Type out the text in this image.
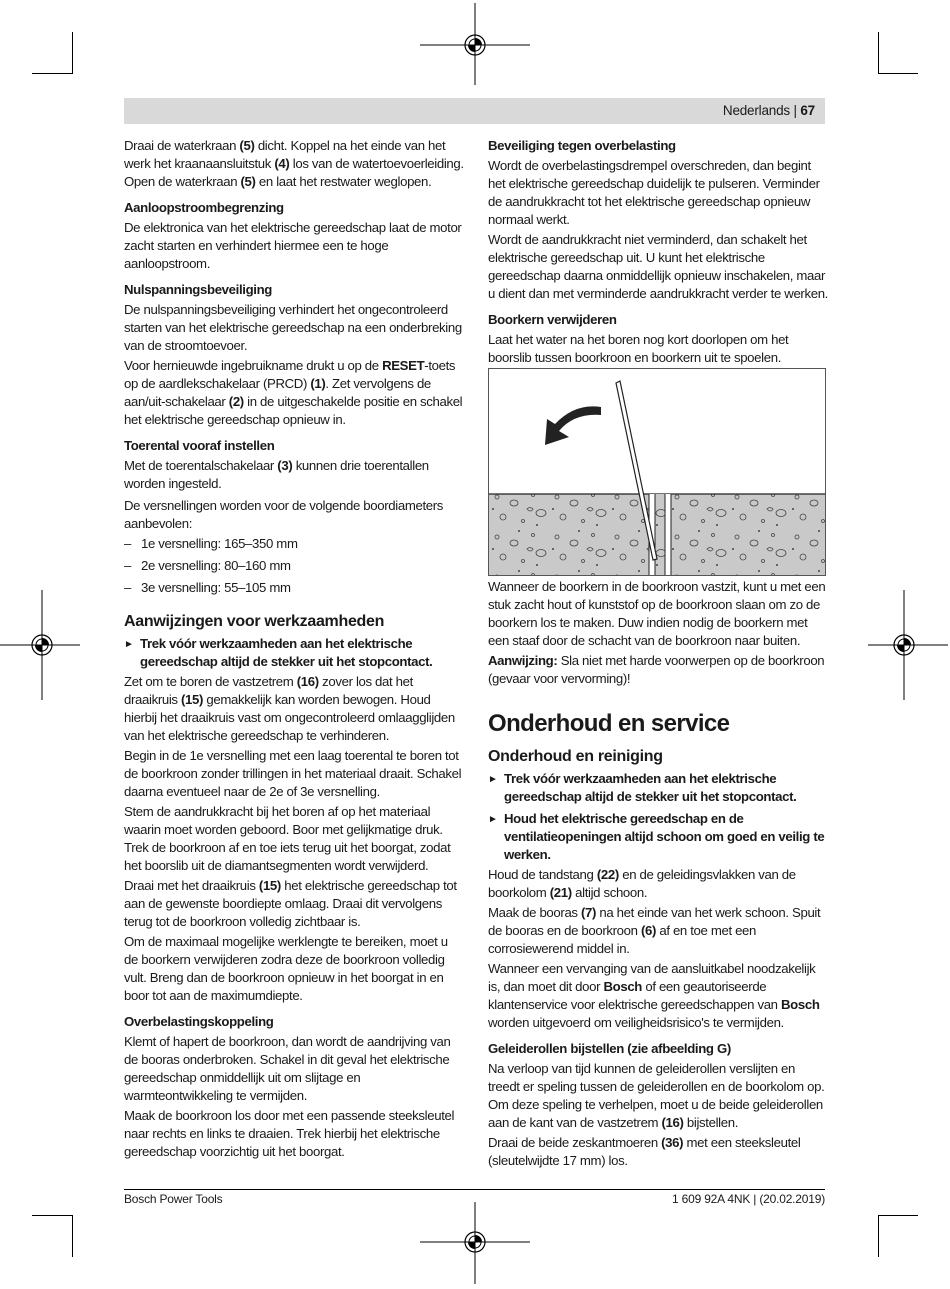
Nederlands | 67

Draai de waterkraan (5) dicht. Koppel na het einde van het werk het kraanaansluitstuk (4) los van de watertoevoerleiding. Open de waterkraan (5) en laat het restwater weglopen.

Aanloopstroombegrenzing

De elektronica van het elektrische gereedschap laat de motor zacht starten en verhindert hiermee een te hoge aanloopstroom.

Nulspanningsbeveiliging

De nulspanningsbeveiliging verhindert het ongecontroleerd starten van het elektrische gereedschap na een onderbreking van de stroomtoevoer.

Voor hernieuwde ingebruikname drukt u op de RESET-toets op de aardlekschakelaar (PRCD) (1). Zet vervolgens de aan/uit-schakelaar (2) in de uitgeschakelde positie en schakel het elektrische gereedschap opnieuw in.

Toerental vooraf instellen

Met de toerentalschakelaar (3) kunnen drie toerentallen worden ingesteld.

De versnellingen worden voor de volgende boordiameters aanbevolen:

– 1e versnelling: 165–350 mm
– 2e versnelling: 80–160 mm
– 3e versnelling: 55–105 mm
Aanwijzingen voor werkzaamheden
► Trek vóór werkzaamheden aan het elektrische gereedschap altijd de stekker uit het stopcontact.

Zet om te boren de vastzetrem (16) zover los dat het draaikruis (15) gemakkelijk kan worden bewogen. Houd hierbij het draaikruis vast om ongecontroleerd omlaagglijden van het elektrische gereedschap te verhinderen.

Begin in de 1e versnelling met een laag toerental te boren tot de boorkroon zonder trillingen in het materiaal draait. Schakel daarna eventueel naar de 2e of 3e versnelling.

Stem de aandrukkracht bij het boren af op het materiaal waarin moet worden geboord. Boor met gelijkmatige druk. Trek de boorkroon af en toe iets terug uit het boorgat, zodat het boorslib uit de diamantsegmenten wordt verwijderd.

Draai met het draaikruis (15) het elektrische gereedschap tot aan de gewenste boordiepte omlaag. Draai dit vervolgens terug tot de boorkroon volledig zichtbaar is.

Om de maximaal mogelijke werklengte te bereiken, moet u de boorkern verwijderen zodra deze de boorkroon volledig vult. Breng dan de boorkroon opnieuw in het boorgat in en boor tot aan de maximumdiepte.

Overbelastingskoppeling

Klemt of hapert de boorkroon, dan wordt de aandrijving van de booras onderbroken. Schakel in dit geval het elektrische gereedschap onmiddellijk uit om slijtage en warmteontwikkeling te vermijden.

Maak de boorkroon los door met een passende steeksleutel naar rechts en links te draaien. Trek hierbij het elektrische gereedschap voorzichtig uit het boorgat.

Beveiliging tegen overbelasting

Wordt de overbelastingsdrempel overschreden, dan begint het elektrische gereedschap duidelijk te pulseren. Verminder de aandrukkracht tot het elektrische gereedschap opnieuw normaal werkt.

Wordt de aandrukkracht niet verminderd, dan schakelt het elektrische gereedschap uit. U kunt het elektrische gereedschap daarna onmiddellijk opnieuw inschakelen, maar u dient dan met verminderde aandrukkracht verder te werken.

Boorkern verwijderen

Laat het water na het boren nog kort doorlopen om het boorslib tussen boorkroon en boorkern uit te spoelen.

Wanneer de boorkern in de boorkroon vastzit, kunt u met een stuk zacht hout of kunststof op de boorkroon slaan om zo de boorkern los te maken. Duw indien nodig de boorkern met een staaf door de schacht van de boorkroon naar buiten.

Aanwijzing: Sla niet met harde voorwerpen op de boorkroon (gevaar voor vervorming)!

Onderhoud en service
Onderhoud en reiniging
► Trek vóór werkzaamheden aan het elektrische gereedschap altijd de stekker uit het stopcontact.
► Houd het elektrische gereedschap en de ventilatieopeningen altijd schoon om goed en veilig te werken.

Houd de tandstang (22) en de geleidingsvlakken van de boorkolom (21) altijd schoon.

Maak de booras (7) na het einde van het werk schoon. Spuit de booras en de boorkroon (6) af en toe met een corrosiewerend middel in.

Wanneer een vervanging van de aansluitkabel noodzakelijk is, dan moet dit door Bosch of een geautoriseerde klantenservice voor elektrische gereedschappen van Bosch worden uitgevoerd om veiligheidsrisico's te vermijden.

Geleiderollen bijstellen (zie afbeelding G)

Na verloop van tijd kunnen de geleiderollen verslijten en treedt er speling tussen de geleiderollen en de boorkolom op. Om deze speling te verhelpen, moet u de beide geleiderollen aan de kant van de vastzetrem (16) bijstellen.

Draai de beide zeskantmoeren (36) met een steeksleutel (sleutelwijdte 17 mm) los.

Bosch Power Tools	1 609 92A 4NK | (20.02.2019)
